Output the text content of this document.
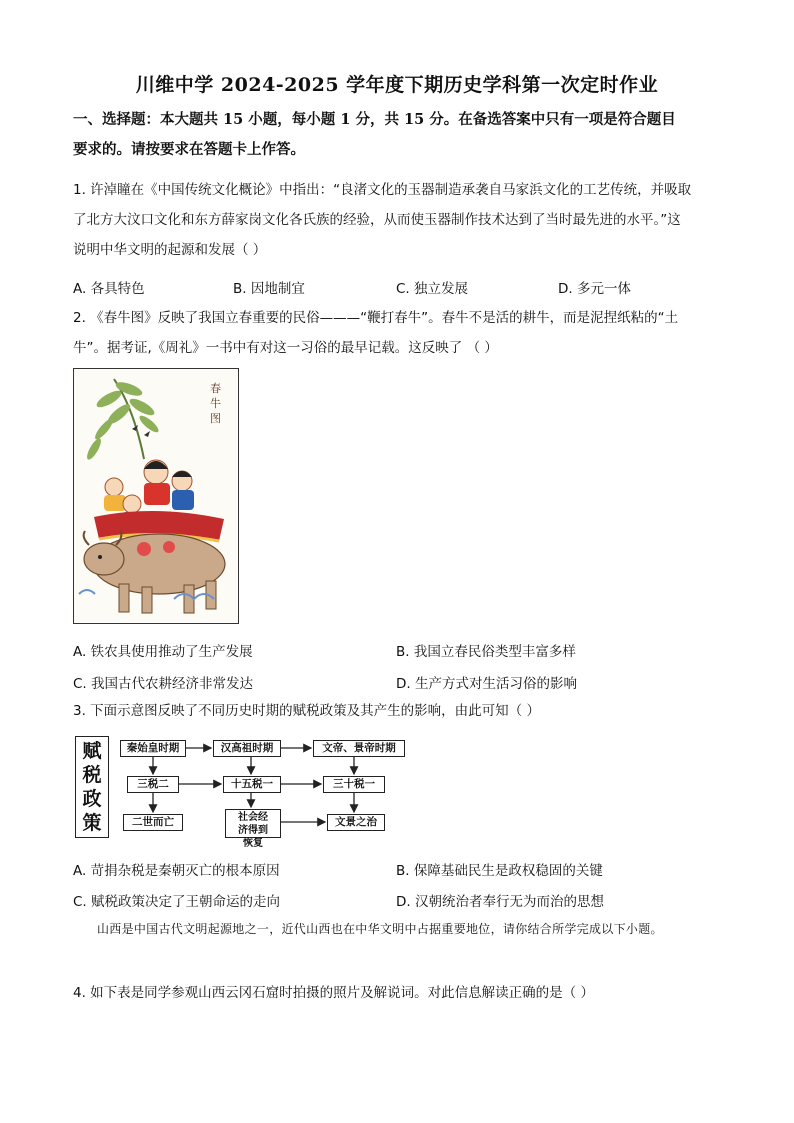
川维中学 2024-2025 学年度下期历史学科第一次定时作业
一、选择题：本大题共 15 小题，每小题 1 分，共 15 分。在备选答案中只有一项是符合题目
要求的。请按要求在答题卡上作答。
1. 许淖瞳在《中国传统文化概论》中指出：“良渚文化的玉器制造承袭自马家浜文化的工艺传统，并吸取
了北方大汶口文化和东方薛家岗文化各氏族的经验，从而使玉器制作技术达到了当时最先进的水平。”这
说明中华文明的起源和发展（ ）
A. 各具特色	B. 因地制宜	C. 独立发展	D. 多元一体
2. 《春牛图》反映了我国立春重要的民俗———“鞭打春牛”。春牛不是活的耕牛，而是泥捏纸粘的“土
牛”。据考证,《周礼》一书中有对这一习俗的最早记载。这反映了 （ ）
春牛图
A. 铁农具使用推动了生产发展	B. 我国立春民俗类型丰富多样
C. 我国古代农耕经济非常发达	D. 生产方式对生活习俗的影响
3. 下面示意图反映了不同历史时期的赋税政策及其产生的影响，由此可知（ ）
赋税政策
秦始皇时期	汉高祖时期	文帝、景帝时期
三税二	十五税一	三十税一
二世而亡	社会经济得到恢复
文景之治
A. 苛捐杂税是秦朝灭亡的根本原因	B. 保障基础民生是政权稳固的关键
C. 赋税政策决定了王朝命运的走向	D. 汉朝统治者奉行无为而治的思想
山西是中国古代文明起源地之一，近代山西也在中华文明中占据重要地位，请你结合所学完成以下小题。
4. 如下表是同学参观山西云冈石窟时拍摄的照片及解说词。对此信息解读正确的是（ ）
